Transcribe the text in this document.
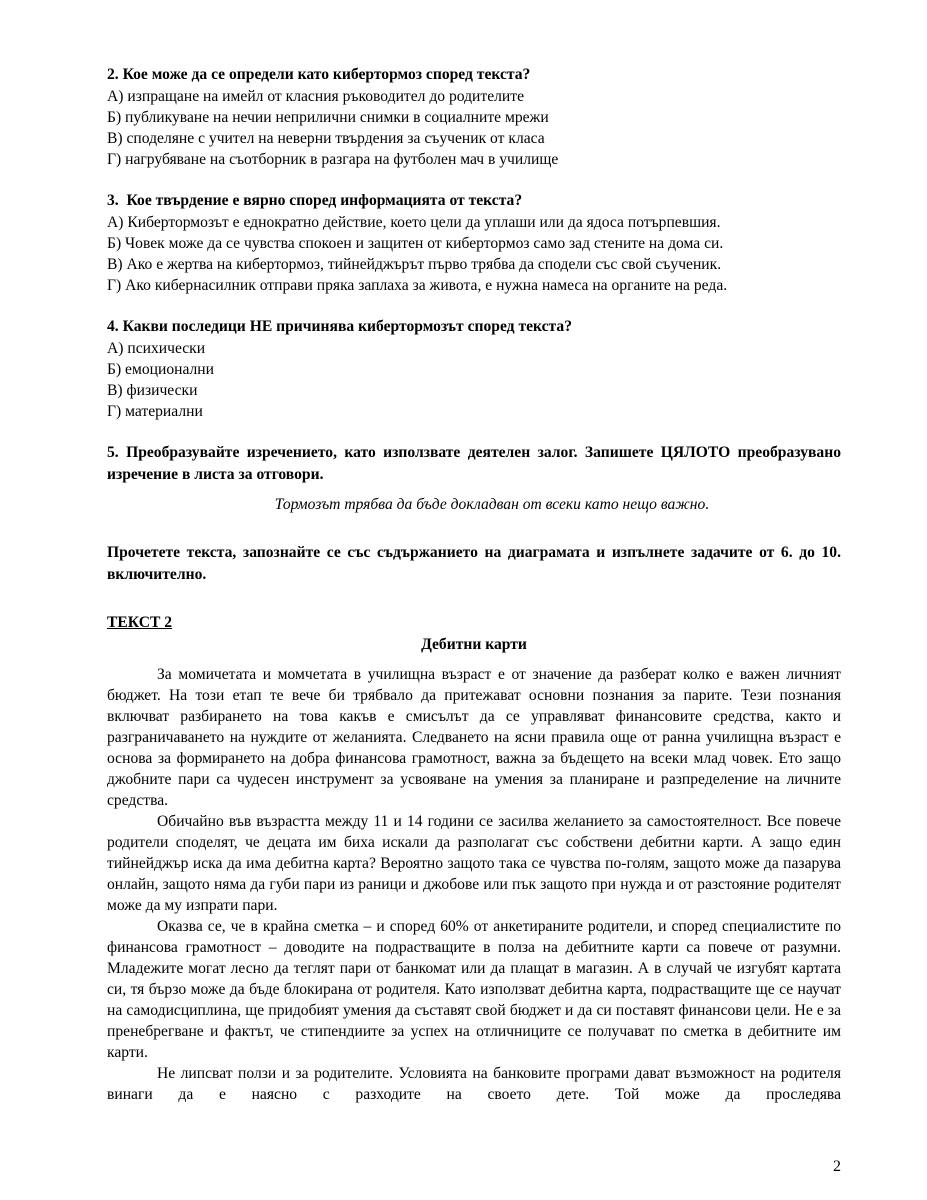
2. Кое може да се определи като кибертормоз според текста?

А) изпращане на имейл от класния ръководител до родителите

Б) публикуване на нечии неприлични снимки в социалните мрежи

В) споделяне с учител на неверни твърдения за съученик от класа

Г) нагрубяване на съотборник в разгара на футболен мач в училище

3.  Кое твърдение е вярно според информацията от текста?

А) Кибертормозът е еднократно действие, което цели да уплаши или да ядоса потърпевшия.

Б) Човек може да се чувства спокоен и защитен от кибертормоз само зад стените на дома си.

В) Ако е жертва на кибертормоз, тийнейджърът първо трябва да сподели със свой съученик.

Г) Ако кибернасилник отправи пряка заплаха за живота, е нужна намеса на органите на реда.

4. Какви последици НЕ причинява кибертормозът според текста?

А) психически

Б) емоционални

В) физически

Г) материални

5. Преобразувайте изречението, като използвате деятелен залог. Запишете ЦЯЛОТО преобразувано изречение в листа за отговори.

Тормозът трябва да бъде докладван от всеки като нещо важно.

Прочетете текста, запознайте се със съдържанието на диаграмата и изпълнете задачите от 6. до 10. включително.

ТЕКСТ 2

Дебитни карти

За момичетата и момчетата в училищна възраст е от значение да разберат колко е важен личният бюджет. На този етап те вече би трябвало да притежават основни познания за парите. Тези познания включват разбирането на това какъв е смисълът да се управляват финансовите средства, както и разграничаването на нуждите от желанията. Следването на ясни правила още от ранна училищна възраст е основа за формирането на добра финансова грамотност, важна за бъдещето на всеки млад човек. Ето защо джобните пари са чудесен инструмент за усвояване на умения за планиране и разпределение на личните средства.

Обичайно във възрастта между 11 и 14 години се засилва желанието за самостоятелност. Все повече родители споделят, че децата им биха искали да разполагат със собствени дебитни карти. А защо един тийнейджър иска да има дебитна карта? Вероятно защото така се чувства по-голям, защото може да пазарува онлайн, защото няма да губи пари из раници и джобове или пък защото при нужда и от разстояние родителят може да му изпрати пари.

Оказва се, че в крайна сметка – и според 60% от анкетираните родители, и според специалистите по финансова грамотност – доводите на подрастващите в полза на дебитните карти са повече от разумни. Младежите могат лесно да теглят пари от банкомат или да плащат в магазин. А в случай че изгубят картата си, тя бързо може да бъде блокирана от родителя. Като използват дебитна карта, подрастващите ще се научат на самодисциплина, ще придобият умения да съставят свой бюджет и да си поставят финансови цели. Не е за пренебрегване и фактът, че стипендиите за успех на отличниците се получават по сметка в дебитните им карти.

Не липсват ползи и за родителите. Условията на банковите програми дават възможност на родителя винаги да е наясно с разходите на своето дете. Той може да проследява

2
